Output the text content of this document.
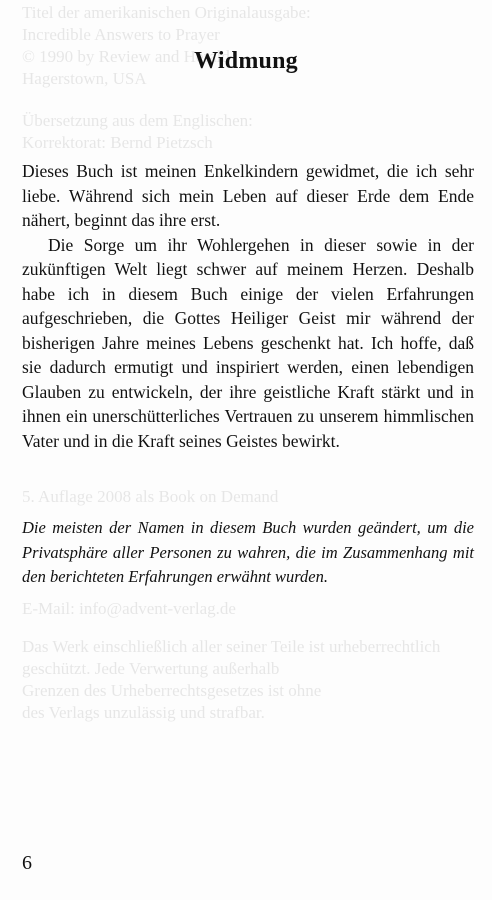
Titel der amerikanischen Originalausgabe:
Incredible Answers to Prayer
© 1990 by Review and Herald
Hagerstown, USA
Übersetzung aus dem Englischen:
Korrektorat: Bernd Pietzsch
5. Auflage 2008 als Book on Demand
E-Mail: info@advent-verlag.de
Das Werk einschließlich aller seiner Teile ist urheberrechtlich
geschützt. Jede Verwertung außerhalb
Grenzen des Urheberrechtsgesetzes ist ohne
des Verlags unzulässig und strafbar.
Widmung

Dieses Buch ist meinen Enkelkindern gewidmet, die ich sehr liebe. Während sich mein Leben auf dieser Erde dem Ende nähert, beginnt das ihre erst.

Die Sorge um ihr Wohlergehen in dieser sowie in der zukünftigen Welt liegt schwer auf meinem Herzen. Deshalb habe ich in diesem Buch einige der vielen Erfahrungen aufgeschrieben, die Gottes Heiliger Geist mir während der bisherigen Jahre meines Lebens geschenkt hat. Ich hoffe, daß sie dadurch ermutigt und inspiriert werden, einen lebendigen Glauben zu entwickeln, der ihre geistliche Kraft stärkt und in ihnen ein unerschütterliches Vertrauen zu unserem himmlischen Vater und in die Kraft seines Geistes bewirkt.

Die meisten der Namen in diesem Buch wurden geändert, um die Privatsphäre aller Personen zu wahren, die im Zusammenhang mit den berichteten Erfahrungen erwähnt wurden.

6
